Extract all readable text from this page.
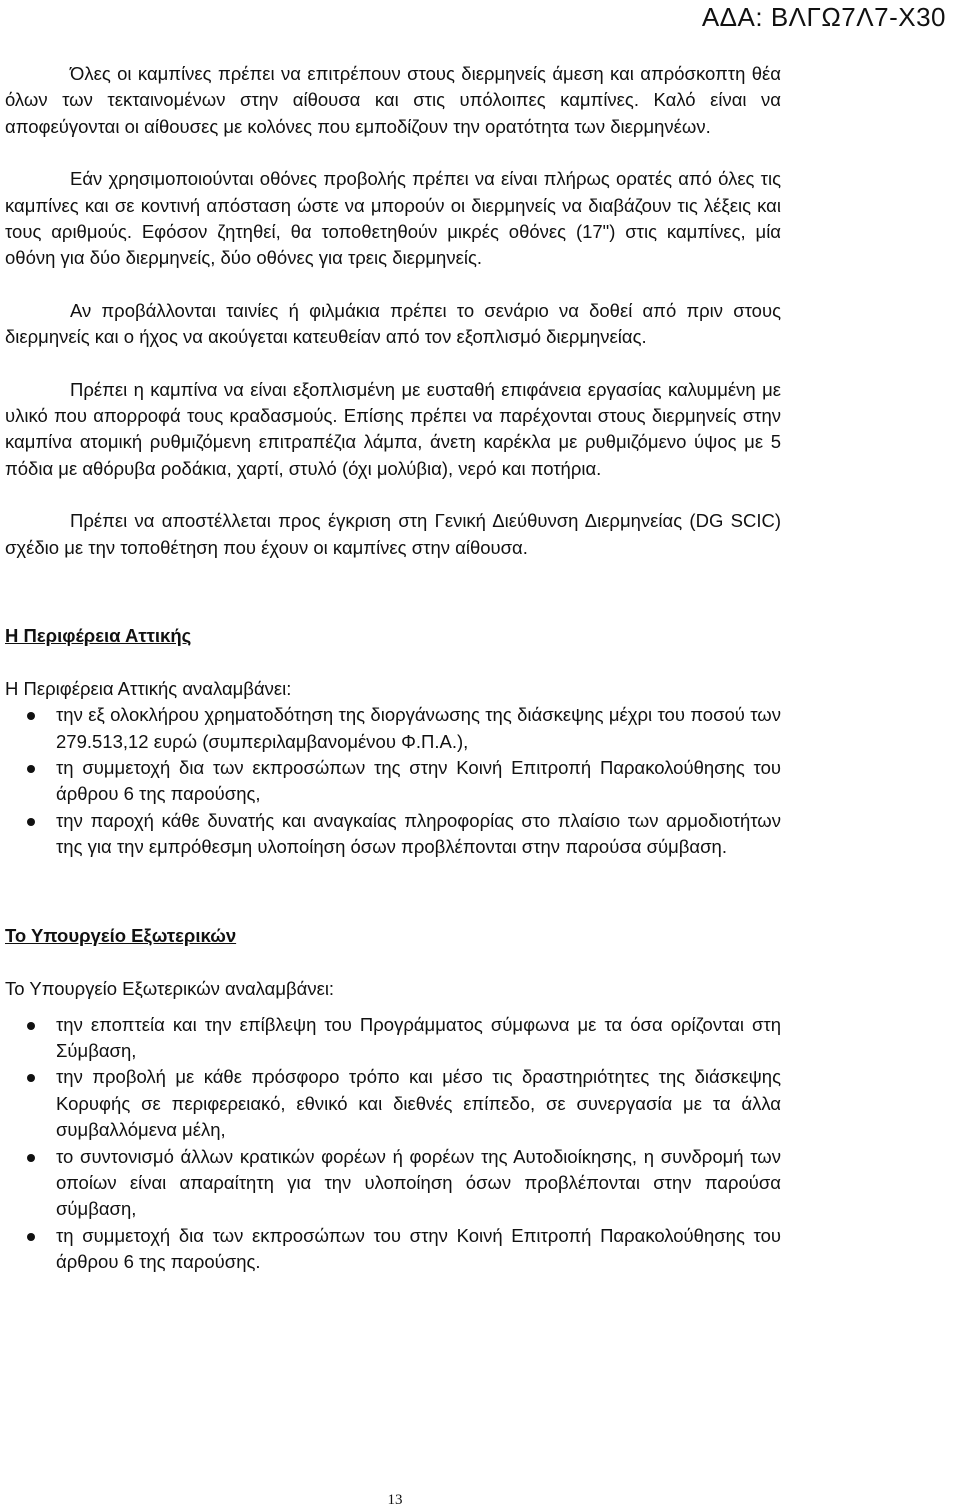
ΑΔΑ: ΒΛΓΩ7Λ7-Χ30

Όλες οι καμπίνες πρέπει να επιτρέπουν στους διερμηνείς άμεση και απρόσκοπτη θέα όλων των τεκταινομένων στην αίθουσα και στις υπόλοιπες καμπίνες. Καλό είναι να αποφεύγονται οι αίθουσες με κολόνες που εμποδίζουν την ορατότητα των διερμηνέων.

Εάν χρησιμοποιούνται οθόνες προβολής πρέπει να είναι πλήρως ορατές από όλες τις καμπίνες και σε κοντινή απόσταση ώστε να μπορούν οι διερμηνείς να διαβάζουν τις λέξεις και τους αριθμούς. Εφόσον ζητηθεί, θα τοποθετηθούν μικρές οθόνες (17") στις καμπίνες, μία οθόνη για δύο διερμηνείς, δύο οθόνες για τρεις διερμηνείς.

Αν προβάλλονται ταινίες ή φιλμάκια πρέπει το σενάριο να δοθεί από πριν στους διερμηνείς και ο ήχος να ακούγεται κατευθείαν από τον εξοπλισμό διερμηνείας.

Πρέπει η καμπίνα να είναι εξοπλισμένη με ευσταθή επιφάνεια εργασίας καλυμμένη με υλικό που απορροφά τους κραδασμούς. Επίσης πρέπει να παρέχονται στους διερμηνείς στην καμπίνα ατομική ρυθμιζόμενη επιτραπέζια λάμπα, άνετη καρέκλα με ρυθμιζόμενο ύψος με 5 πόδια με αθόρυβα ροδάκια, χαρτί, στυλό (όχι μολύβια), νερό και ποτήρια.

Πρέπει να αποστέλλεται προς έγκριση στη Γενική Διεύθυνση Διερμηνείας (DG SCIC) σχέδιο με την τοποθέτηση που έχουν οι καμπίνες στην αίθουσα.

Η Περιφέρεια Αττικής

Η Περιφέρεια Αττικής αναλαμβάνει:

την εξ ολοκλήρου χρηματοδότηση της διοργάνωσης της διάσκεψης μέχρι του ποσού των 279.513,12 ευρώ (συμπεριλαμβανομένου Φ.Π.Α.),
τη συμμετοχή δια των εκπροσώπων της στην Κοινή Επιτροπή Παρακολούθησης του άρθρου 6 της παρούσης,
την παροχή κάθε δυνατής και αναγκαίας πληροφορίας στο πλαίσιο των αρμοδιοτήτων της για την εμπρόθεσμη υλοποίηση όσων προβλέπονται στην παρούσα σύμβαση.

Το Υπουργείο Εξωτερικών

Το Υπουργείο Εξωτερικών αναλαμβάνει:

την εποπτεία και την επίβλεψη του Προγράμματος σύμφωνα με τα όσα ορίζονται στη Σύμβαση,
την προβολή με κάθε πρόσφορο τρόπο και μέσο τις δραστηριότητες της διάσκεψης Κορυφής σε περιφερειακό, εθνικό και διεθνές επίπεδο, σε συνεργασία με τα άλλα συμβαλλόμενα μέλη,
το συντονισμό άλλων κρατικών φορέων ή φορέων της Αυτοδιοίκησης, η συνδρομή των οποίων είναι απαραίτητη για την υλοποίηση όσων προβλέπονται στην παρούσα σύμβαση,
τη συμμετοχή δια των εκπροσώπων του στην Κοινή Επιτροπή Παρακολούθησης του άρθρου 6 της παρούσης.
13
